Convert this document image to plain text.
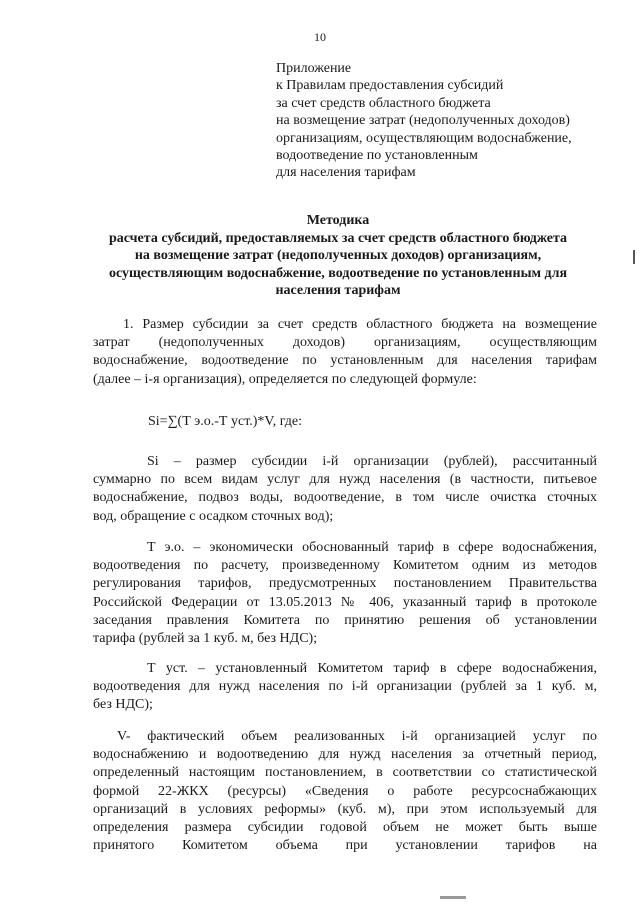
10
Приложение
к Правилам предоставления субсидий
за счет средств областного бюджета
на возмещение затрат (недополученных доходов)
организациям, осуществляющим водоснабжение,
водоотведение по установленным
для населения тарифам
Методика
расчета субсидий, предоставляемых за счет средств областного бюджета
на возмещение затрат (недополученных доходов) организациям,
осуществляющим водоснабжение, водоотведение по установленным для
населения тарифам
1. Размер субсидии за счет средств областного бюджета на возмещение
затрат (недополученных доходов) организациям, осуществляющим
водоснабжение, водоотведение по установленным для населения тарифам
(далее – i-я организация), определяется по следующей формуле:
Si=∑(Т э.о.-Т уст.)*V, где:
Si – размер субсидии i-й организации (рублей), рассчитанный
суммарно по всем видам услуг для нужд населения (в частности, питьевое
водоснабжение, подвоз воды, водоотведение, в том числе очистка сточных
вод, обращение с осадком сточных вод);
Т э.о. – экономически обоснованный тариф в сфере водоснабжения,
водоотведения по расчету, произведенному Комитетом одним из методов
регулирования тарифов, предусмотренных постановлением Правительства
Российской Федерации от 13.05.2013 № 406, указанный тариф в протоколе
заседания правления Комитета по принятию решения об установлении
тарифа (рублей за 1 куб. м, без НДС);
Т уст. – установленный Комитетом тариф в сфере водоснабжения,
водоотведения для нужд населения по i-й организации (рублей за 1 куб. м,
без НДС);
V- фактический объем реализованных i-й организацией услуг по
водоснабжению и водоотведению для нужд населения за отчетный период,
определенный настоящим постановлением, в соответствии со статистической
формой 22-ЖКХ (ресурсы) «Сведения о работе ресурсоснабжающих
организаций в условиях реформы» (куб. м), при этом используемый для
определения размера субсидии годовой объем не может быть выше
принятого Комитетом объема при установлении тарифов на
